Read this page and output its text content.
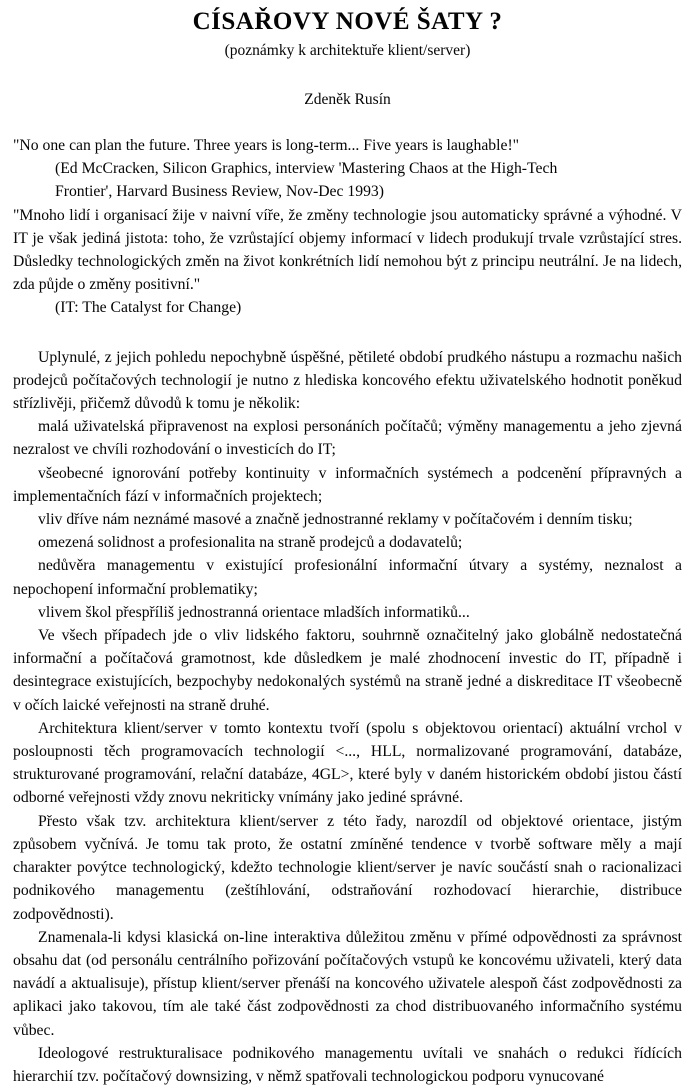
CÍSAŘOVY NOVÉ ŠATY ?
(poznámky k architektuře klient/server)
Zdeněk Rusín
"No one can plan the future. Three years is long-term... Five years is laughable!"
(Ed McCracken, Silicon Graphics, interview 'Mastering Chaos at the High-Tech
Frontier', Harvard Business Review, Nov-Dec 1993)
"Mnoho lidí i organisací žije v naivní víře, že změny technologie jsou automaticky správné a výhodné. V IT je však jediná jistota: toho, že vzrůstající objemy informací v lidech produkují trvale vzrůstající stres. Důsledky technologických změn na život konkrétních lidí nemohou být z principu neutrální. Je na lidech, zda půjde o změny positivní."
(IT: The Catalyst for Change)

Uplynulé, z jejich pohledu nepochybně úspěšné, pětileté období prudkého nástupu a rozmachu našich prodejců počítačových technologií je nutno z hlediska koncového efektu uživatelského hodnotit poněkud střízlivěji, přičemž důvodů k tomu je několik:

malá uživatelská připravenost na explosi personáních počítačů; výměny managementu a jeho zjevná nezralost ve chvíli rozhodování o investicích do IT;

všeobecné ignorování potřeby kontinuity v informačních systémech a podcenění přípravných a implementačních fází v informačních projektech;

vliv dříve nám neznámé masové a značně jednostranné reklamy v počítačovém i denním tisku;

omezená solidnost a profesionalita na straně prodejců a dodavatelů;

nedůvěra managementu v existující profesionální informační útvary a systémy, neznalost a nepochopení informační problematiky;

vlivem škol přespříliš jednostranná orientace mladších informatiků...

Ve všech případech jde o vliv lidského faktoru, souhrnně označitelný jako globálně nedostatečná informační a počítačová gramotnost, kde důsledkem je malé zhodnocení investic do IT, případně i desintegrace existujících, bezpochyby nedokonalých systémů na straně jedné a diskreditace IT všeobecně v očích laické veřejnosti na straně druhé.

Architektura klient/server v tomto kontextu tvoří (spolu s objektovou orientací) aktuální vrchol v posloupnosti těch programovacích technologií <..., HLL, normalizované programování, databáze, strukturované programování, relační databáze, 4GL>, které byly v daném historickém období jistou částí odborné veřejnosti vždy znovu nekriticky vnímány jako jediné správné.

Přesto však tzv. architektura klient/server z této řady, narozdíl od objektové orientace, jistým způsobem vyčnívá. Je tomu tak proto, že ostatní zmíněné tendence v tvorbě software měly a mají charakter povýtce technologický, kdežto technologie klient/server je navíc součástí snah o racionalizaci podnikového managementu (zeštíhlování, odstraňování rozhodovací hierarchie, distribuce zodpovědnosti).

Znamenala-li kdysi klasická on-line interaktiva důležitou změnu v přímé odpovědnosti za správnost obsahu dat (od personálu centrálního pořizování počítačových vstupů ke koncovému uživateli, který data navádí a aktualisuje), přístup klient/server přenáší na koncového uživatele alespoň část zodpovědnosti za aplikaci jako takovou, tím ale také část zodpovědnosti za chod distribuovaného informačního systému vůbec.

Ideologové restrukturalisace podnikového managementu uvítali ve snahách o redukci řídících hierarchií tzv. počítačový downsizing, v němž spatřovali technologickou podporu vynucované
